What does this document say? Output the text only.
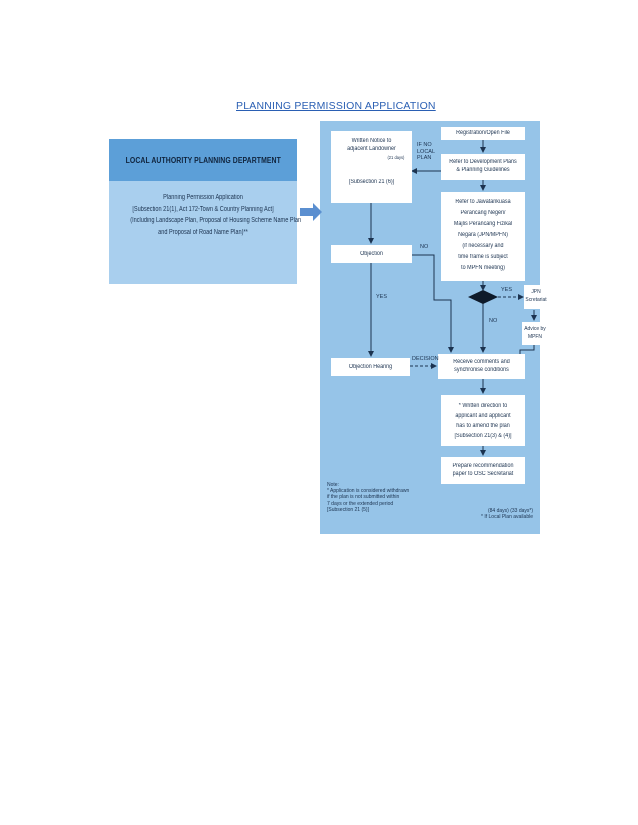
PLANNING PERMISSION APPLICATION
LOCAL AUTHORITY PLANNING DEPARTMENT
Planning Permission Application
[Subsection 21(1), Act 172-Town & Country Planning Act]
(Including Landscape Plan, Proposal of Housing Scheme Name Plan
and Proposal of Road Name Plan)**
Written Notice to
adjacent Landowner
(21 days)
[Subsection 21 (6)]
Objection
Objection Hearing
Registration/Open File
Refer to Development Plans
& Planning Guidelines
Refer to Jawatankuasa
Perancang Negeri/
Majlis Perancang Fizikal
Negara (JPN/MPFN)
(if necessary and
time frame is subject
to MPFN meeting)
JPN
Scretariat
Advice by
MPFN
Receive comments and
synchronise conditions
* Written direction to
applicant and applicant
has to amend the plan
[Subsection 21(3) & (4)]
Prepare recommendation
paper to OSC Secretariat
IF NO
LOCAL
PLAN
NO
YES
YES
NO
DECISION
Note:
* Application is considered withdrawn
if the plan is not submitted within
7 days or the extended period
[Subsection 21 (5)]	(84 days) (33 days*)
* If Local Plan available
